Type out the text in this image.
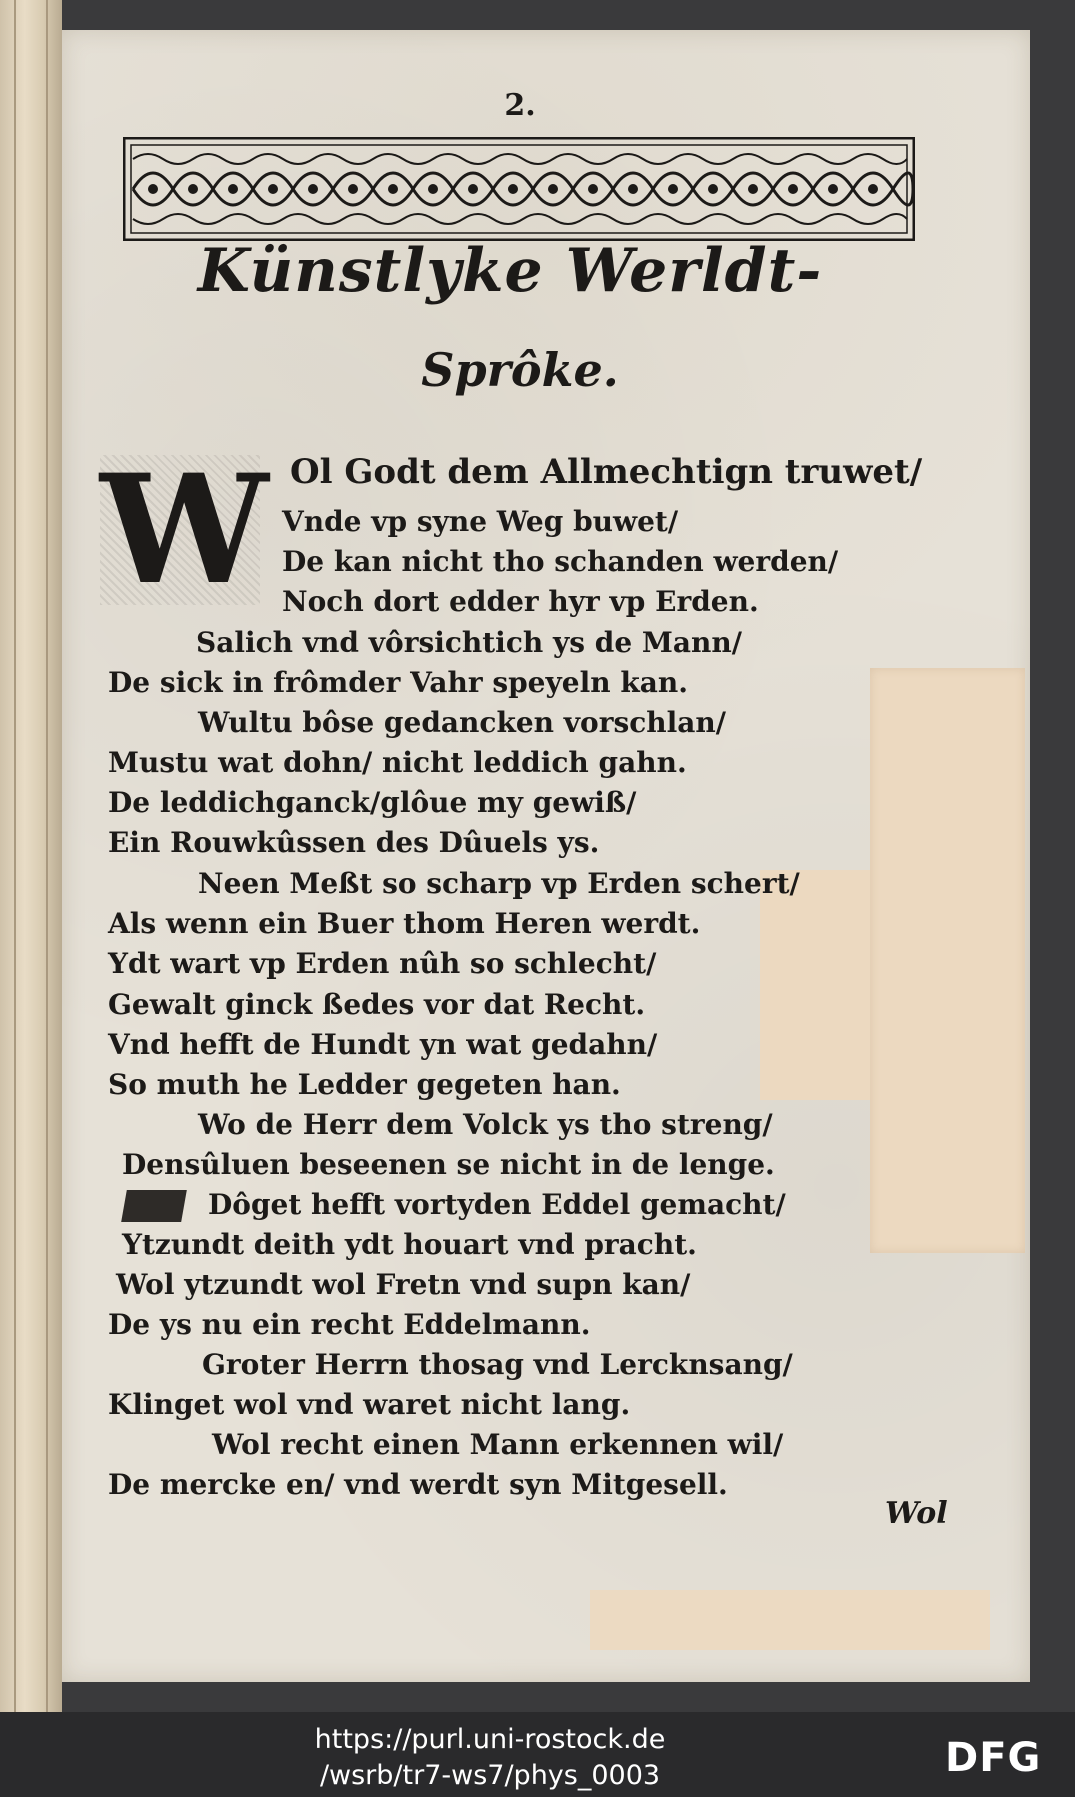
2.
Künstlyke Werldt-
Sprôke.
W Ol Godt dem Allmechtign truwet/
Vnde vp syne Weg buwet/
De kan nicht tho schanden werden/
Noch dort edder hyr vp Erden.
Salich vnd vôrsichtich ys de Mann/
De sick in frômder Vahr speyeln kan.
Wultu bôse gedancken vorschlan/
Mustu wat dohn/ nicht leddich gahn.
De leddichganck/glôue my gewiß/
Ein Rouwkûssen des Dûuels ys.
Neen Meßt so scharp vp Erden schert/
Als wenn ein Buer thom Heren werdt.
Ydt wart vp Erden nûh so schlecht/
Gewalt ginck ßedes vor dat Recht.
Vnd hefft de Hundt yn wat gedahn/
So muth he Ledder gegeten han.
Wo de Herr dem Volck ys tho streng/
Densûluen beseenen se nicht in de lenge.
Dôget hefft vortyden Eddel gemacht/
Ytzundt deith ydt houart vnd pracht.
Wol ytzundt wol Fretn vnd supn kan/
De ys nu ein recht Eddelmann.
Groter Herrn thosag vnd Lercknsang/
Klinget wol vnd waret nicht lang.
Wol recht einen Mann erkennen wil/
De mercke en/ vnd werdt syn Mitgesell.
Wol
https://purl.uni-rostock.de
/wsrb/tr7-ws7/phys_0003	DFG
